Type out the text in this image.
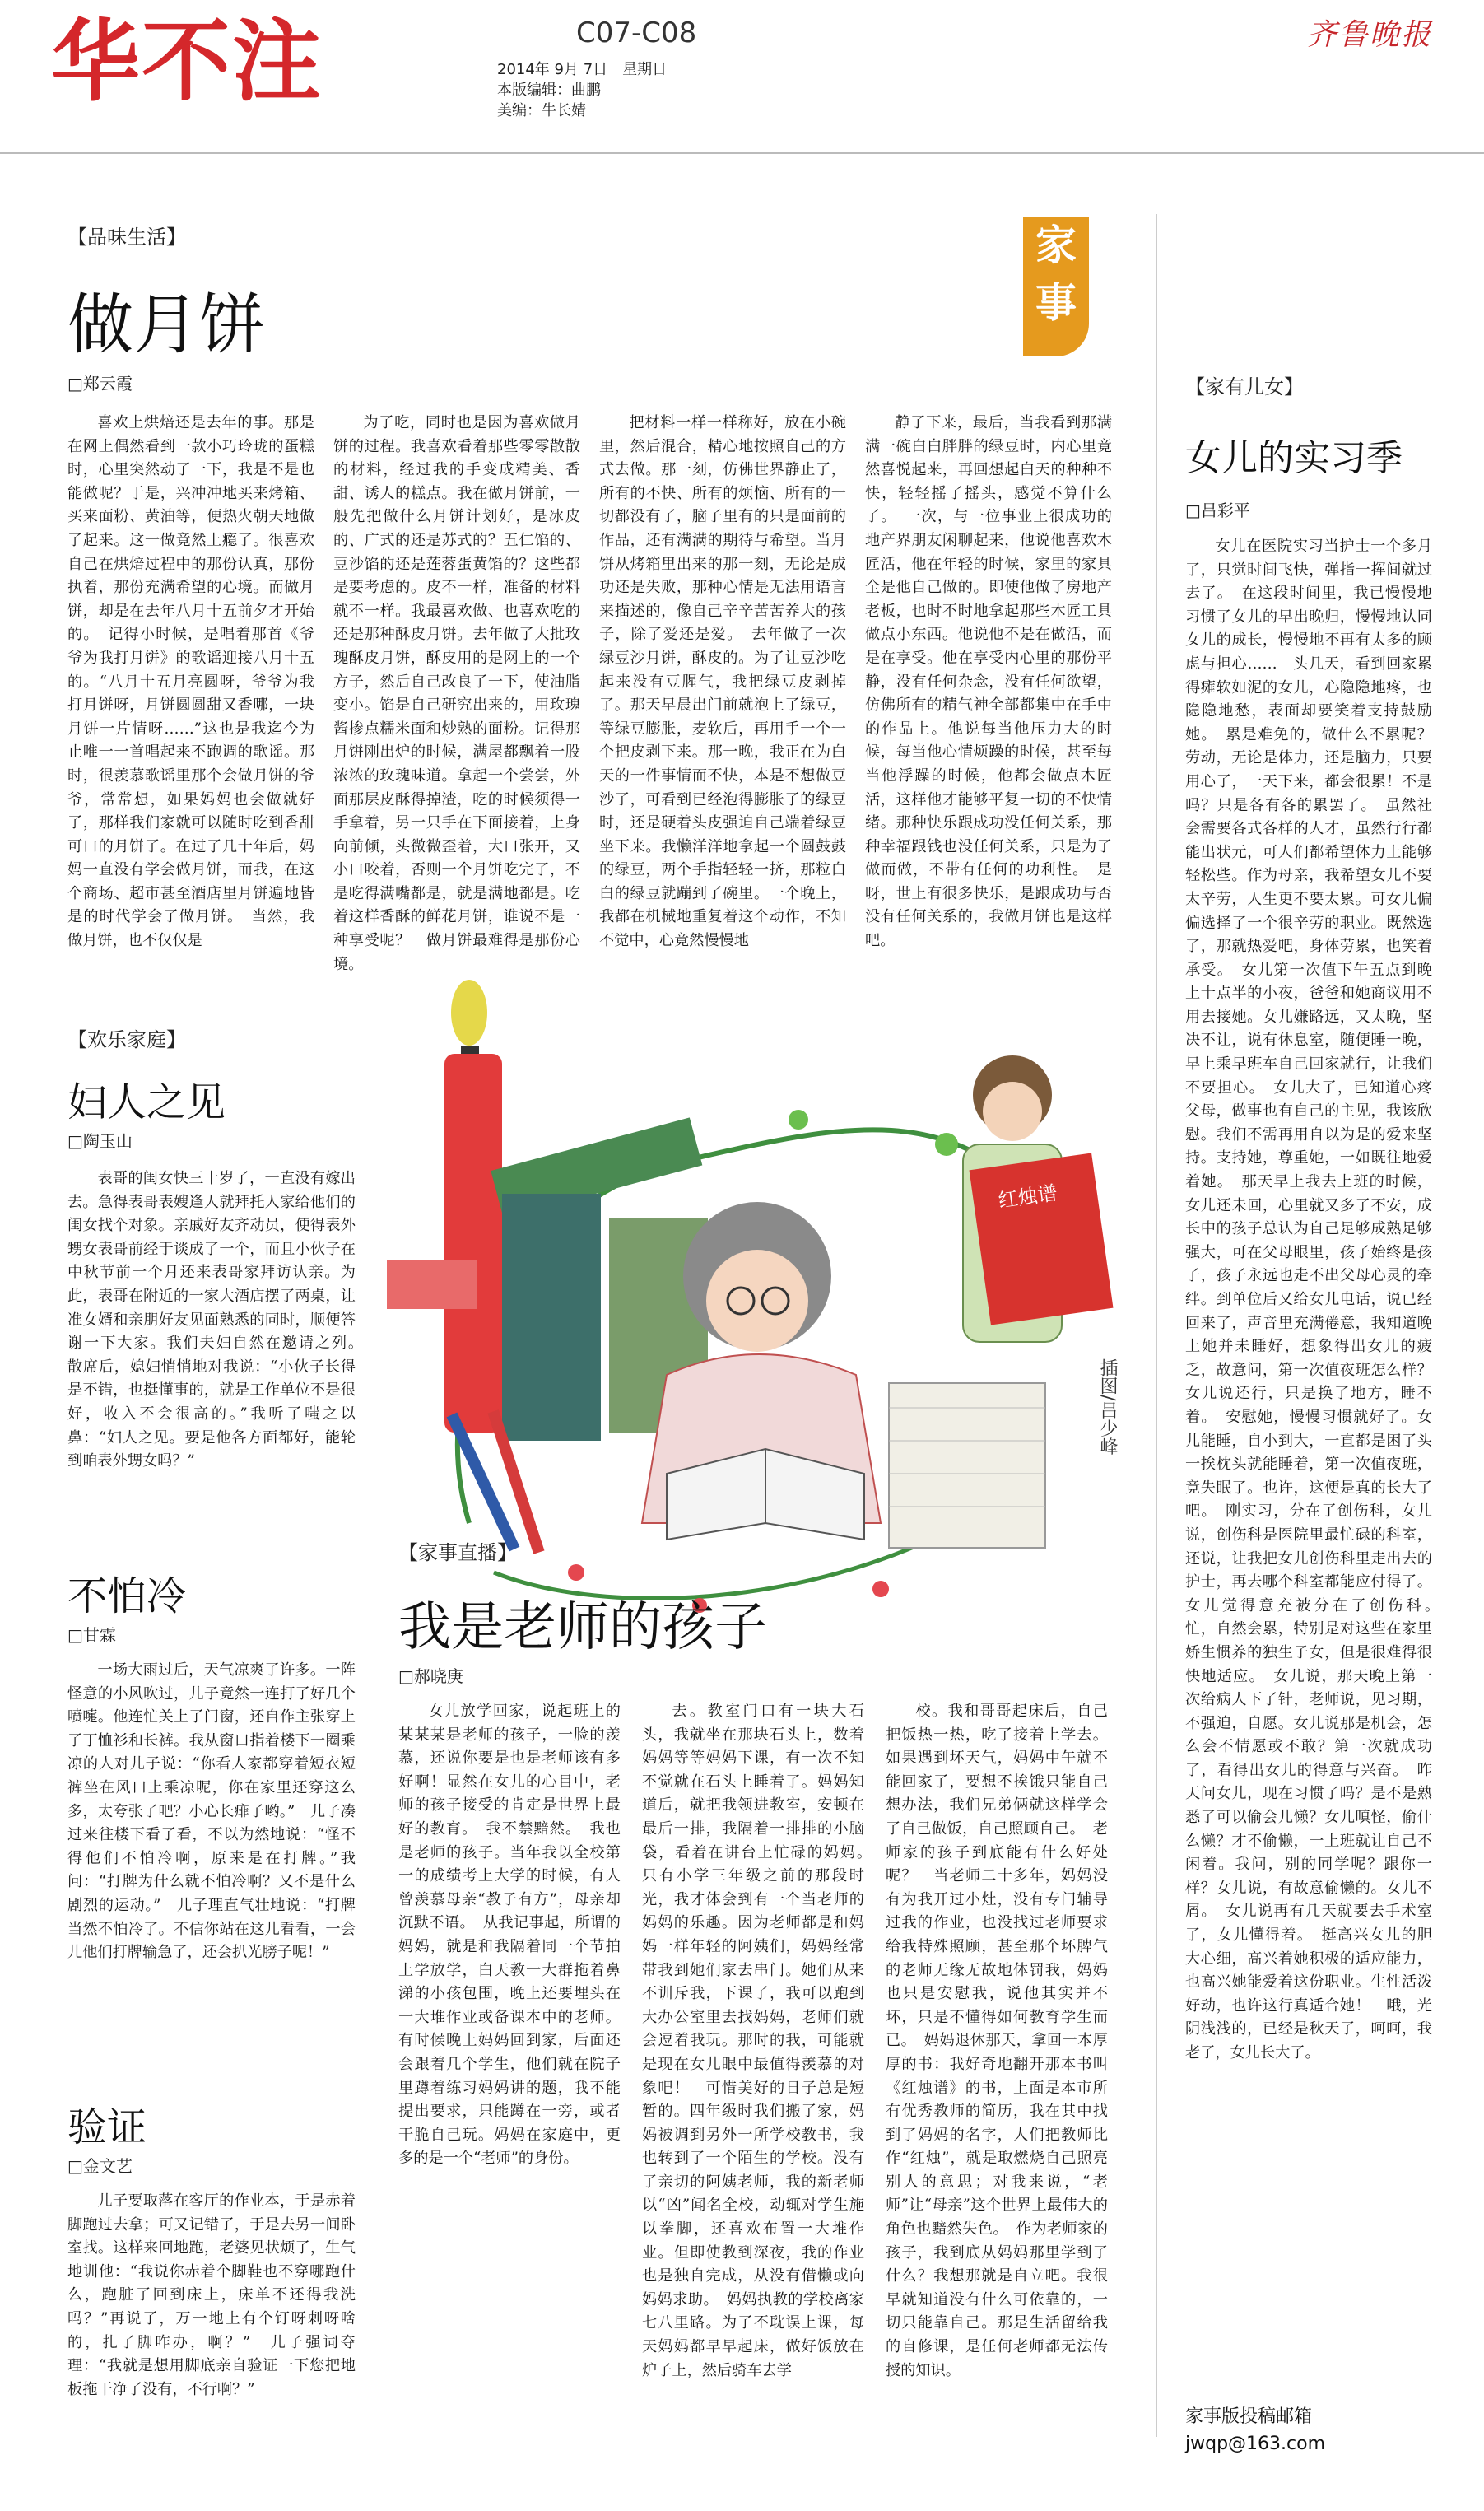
华不注	C07-C08
2014年 9月 7日　星期日
本版编辑：曲鹏
美编：牛长婧
齐鲁晚报
【品味生活】
做月饼
□郑云霞
喜欢上烘焙还是去年的事。那是在网上偶然看到一款小巧玲珑的蛋糕时，心里突然动了一下，我是不是也能做呢？于是，兴冲冲地买来烤箱、买来面粉、黄油等，便热火朝天地做了起来。这一做竟然上瘾了。很喜欢自己在烘焙过程中的那份认真，那份执着，那份充满希望的心境。而做月饼，却是在去年八月十五前夕才开始的。　记得小时候，是唱着那首《爷爷为我打月饼》的歌谣迎接八月十五的。“八月十五月亮圆呀，爷爷为我打月饼呀，月饼圆圆甜又香哪，一块月饼一片情呀……”这也是我迄今为止唯一一首唱起来不跑调的歌谣。那时，很羡慕歌谣里那个会做月饼的爷爷，常常想，如果妈妈也会做就好了，那样我们家就可以随时吃到香甜可口的月饼了。在过了几十年后，妈妈一直没有学会做月饼，而我，在这个商场、超市甚至酒店里月饼遍地皆是的时代学会了做月饼。　当然，我做月饼，也不仅仅是
为了吃，同时也是因为喜欢做月饼的过程。我喜欢看着那些零零散散的材料，经过我的手变成精美、香甜、诱人的糕点。我在做月饼前，一般先把做什么月饼计划好，是冰皮的、广式的还是苏式的？五仁馅的、豆沙馅的还是莲蓉蛋黄馅的？这些都是要考虑的。皮不一样，准备的材料就不一样。我最喜欢做、也喜欢吃的还是那种酥皮月饼。去年做了大批玫瑰酥皮月饼，酥皮用的是网上的一个方子，然后自己改良了一下，使油脂变小。馅是自己研究出来的，用玫瑰酱掺点糯米面和炒熟的面粉。记得那月饼刚出炉的时候，满屋都飘着一股浓浓的玫瑰味道。拿起一个尝尝，外面那层皮酥得掉渣，吃的时候须得一手拿着，另一只手在下面接着，上身向前倾，头微微歪着，大口张开，又小口咬着，否则一个月饼吃完了，不是吃得满嘴都是，就是满地都是。吃着这样香酥的鲜花月饼，谁说不是一种享受呢？　做月饼最难得是那份心境。
把材料一样一样称好，放在小碗里，然后混合，精心地按照自己的方式去做。那一刻，仿佛世界静止了，所有的不快、所有的烦恼、所有的一切都没有了，脑子里有的只是面前的作品，还有满满的期待与希望。当月饼从烤箱里出来的那一刻，无论是成功还是失败，那种心情是无法用语言来描述的，像自己辛辛苦苦养大的孩子，除了爱还是爱。　去年做了一次绿豆沙月饼，酥皮的。为了让豆沙吃起来没有豆腥气，我把绿豆皮剥掉了。那天早晨出门前就泡上了绿豆，等绿豆膨胀，麦软后，再用手一个一个把皮剥下来。那一晚，我正在为白天的一件事情而不快，本是不想做豆沙了，可看到已经泡得膨胀了的绿豆时，还是硬着头皮强迫自己端着绿豆坐下来。我懒洋洋地拿起一个圆鼓鼓的绿豆，两个手指轻轻一挤，那粒白白的绿豆就蹦到了碗里。一个晚上，我都在机械地重复着这个动作，不知不觉中，心竟然慢慢地
静了下来，最后，当我看到那满满一碗白白胖胖的绿豆时，内心里竟然喜悦起来，再回想起白天的种种不快，轻轻摇了摇头，感觉不算什么了。　一次，与一位事业上很成功的地产界朋友闲聊起来，他说他喜欢木匠活，他在年轻的时候，家里的家具全是他自己做的。即使他做了房地产老板，也时不时地拿起那些木匠工具做点小东西。他说他不是在做活，而是在享受。他在享受内心里的那份平静，没有任何杂念，没有任何欲望，仿佛所有的精气神全部都集中在手中的作品上。他说每当他压力大的时候，每当他心情烦躁的时候，甚至每当他浮躁的时候，他都会做点木匠活，这样他才能够平复一切的不快情绪。那种快乐跟成功没任何关系，那种幸福跟钱也没任何关系，只是为了做而做，不带有任何的功利性。　是呀，世上有很多快乐，是跟成功与否没有任何关系的，我做月饼也是这样吧。
家
事
红烛谱
插图/吕少峰
【欢乐家庭】
妇人之见
□陶玉山
表哥的闺女快三十岁了，一直没有嫁出去。急得表哥表嫂逢人就拜托人家给他们的闺女找个对象。亲戚好友齐动员，便得表外甥女表哥前经于谈成了一个，而且小伙子在中秋节前一个月还来表哥家拜访认亲。为此，表哥在附近的一家大酒店摆了两桌，让准女婿和亲朋好友见面熟悉的同时，顺便答谢一下大家。我们夫妇自然在邀请之列。　散席后，媳妇悄悄地对我说：“小伙子长得是不错，也挺懂事的，就是工作单位不是很好，收入不会很高的。”我听了嗤之以鼻：“妇人之见。要是他各方面都好，能轮到咱表外甥女吗？”
不怕冷
□甘霖
一场大雨过后，天气凉爽了许多。一阵怪意的小风吹过，儿子竟然一连打了好几个喷嚏。他连忙关上了门窗，还自作主张穿上了丁恤衫和长裤。我从窗口指着楼下一圈乘凉的人对儿子说：“你看人家都穿着短衣短裤坐在风口上乘凉呢，你在家里还穿这么多，太夸张了吧？小心长痱子哟。”　儿子凑过来往楼下看了看，不以为然地说：“怪不得他们不怕冷啊，原来是在打牌。”我问：“打牌为什么就不怕冷啊？又不是什么剧烈的运动。”　儿子理直气壮地说：“打牌当然不怕冷了。不信你站在这儿看看，一会儿他们打牌输急了，还会扒光膀子呢！”
验证
□金文艺
儿子要取落在客厅的作业本，于是赤着脚跑过去拿；可又记错了，于是去另一间卧室找。这样来回地跑，老婆见状烦了，生气地训他：“我说你赤着个脚鞋也不穿哪跑什么，跑脏了回到床上，床单不还得我洗吗？”再说了，万一地上有个钉呀剌呀啥的，扎了脚咋办，啊？”　儿子强词夺理：“我就是想用脚底亲自验证一下您把地板拖干净了没有，不行啊？”
【家事直播】
我是老师的孩子
□郝晓庚
女儿放学回家，说起班上的某某某是老师的孩子，一脸的羡慕，还说你要是也是老师该有多好啊！显然在女儿的心目中，老师的孩子接受的肯定是世界上最好的教育。　我不禁黯然。　我也是老师的孩子。当年我以全校第一的成绩考上大学的时候，有人曾羡慕母亲“教子有方”，母亲却沉默不语。　从我记事起，所谓的妈妈，就是和我隔着同一个节拍上学放学，白天教一大群拖着鼻涕的小孩包围，晚上还要埋头在一大堆作业或备课本中的老师。有时候晚上妈妈回到家，后面还会跟着几个学生，他们就在院子里蹲着练习妈妈讲的题，我不能提出要求，只能蹲在一旁，或者干脆自己玩。妈妈在家庭中，更多的是一个“老师”的身份。
去。教室门口有一块大石头，我就坐在那块石头上，数着妈妈等等妈妈下课，有一次不知不觉就在石头上睡着了。妈妈知道后，就把我领进教室，安顿在最后一排，我隔着一排排的小脑袋，看着在讲台上忙碌的妈妈。　只有小学三年级之前的那段时光，我才体会到有一个当老师的妈妈的乐趣。因为老师都是和妈妈一样年轻的阿姨们，妈妈经常带我到她们家去串门。她们从来不训斥我，下课了，我可以跑到大办公室里去找妈妈，老师们就会逗着我玩。那时的我，可能就是现在女儿眼中最值得羡慕的对象吧！　可惜美好的日子总是短暂的。四年级时我们搬了家，妈妈被调到另外一所学校教书，我也转到了一个陌生的学校。没有了亲切的阿姨老师，我的新老师以“凶”闻名全校，动辄对学生施以拳脚，还喜欢布置一大堆作业。但即使教到深夜，我的作业也是独自完成，从没有借懒或向妈妈求助。　妈妈执教的学校离家七八里路。为了不耽误上课，每天妈妈都早早起床，做好饭放在炉子上，然后骑车去学
校。我和哥哥起床后，自己把饭热一热，吃了接着上学去。如果遇到坏天气，妈妈中午就不能回家了，要想不挨饿只能自己想办法，我们兄弟俩就这样学会了自己做饭，自己照顾自己。　老师家的孩子到底能有什么好处呢？　当老师二十多年，妈妈没有为我开过小灶，没有专门辅导过我的作业，也没找过老师要求给我特殊照顾，甚至那个坏脾气的老师无缘无故地体罚我，妈妈也只是安慰我，说他其实并不坏，只是不懂得如何教育学生而已。　妈妈退休那天，拿回一本厚厚的书：我好奇地翻开那本书叫《红烛谱》的书，上面是本市所有优秀教师的简历，我在其中找到了妈妈的名字，人们把教师比作“红烛”，就是取燃烧自己照亮别人的意思；对我来说，“老师”让“母亲”这个世界上最伟大的角色也黯然失色。　作为老师家的孩子，我到底从妈妈那里学到了什么？我想那就是自立吧。我很早就知道没有什么可依靠的，一切只能靠自己。那是生活留给我的自修课，是任何老师都无法传授的知识。
【家有儿女】
女儿的实习季
□吕彩平
女儿在医院实习当护士一个多月了，只觉时间飞快，弹指一挥间就过去了。　在这段时间里，我已慢慢地习惯了女儿的早出晚归，慢慢地认同女儿的成长，慢慢地不再有太多的顾虑与担心……　头几天，看到回家累得瘫软如泥的女儿，心隐隐地疼，也隐隐地愁，表面却要笑着支持鼓励她。　累是难免的，做什么不累呢？劳动，无论是体力，还是脑力，只要用心了，一天下来，都会很累！不是吗？只是各有各的累罢了。　虽然社会需要各式各样的人才，虽然行行都能出状元，可人们都希望体力上能够轻松些。作为母亲，我希望女儿不要太辛劳，人生更不要太累。可女儿偏偏选择了一个很辛劳的职业。既然选了，那就热爱吧，身体劳累，也笑着承受。　女儿第一次值下午五点到晚上十点半的小夜，爸爸和她商议用不用去接她。女儿嫌路远，又太晚，坚决不让，说有休息室，随便睡一晚，早上乘早班车自己回家就行，让我们不要担心。　女儿大了，已知道心疼父母，做事也有自己的主见，我该欣慰。我们不需再用自以为是的爱来坚持。支持她，尊重她，一如既往地爱着她。　那天早上我去上班的时候，女儿还未回，心里就又多了不安，成长中的孩子总认为自己足够成熟足够强大，可在父母眼里，孩子始终是孩子，孩子永远也走不出父母心灵的牵绊。到单位后又给女儿电话，说已经回来了，声音里充满倦意，我知道晚上她并未睡好，想象得出女儿的疲乏，故意问，第一次值夜班怎么样？女儿说还行，只是换了地方，睡不着。　安慰她，慢慢习惯就好了。女儿能睡，自小到大，一直都是困了头一挨枕头就能睡着，第一次值夜班，竟失眠了。也许，这便是真的长大了吧。　刚实习，分在了创伤科，女儿说，创伤科是医院里最忙碌的科室，还说，让我把女儿创伤科里走出去的护士，再去哪个科室都能应付得了。女儿觉得意充被分在了创伤科。　忙，自然会累，特别是对这些在家里娇生惯养的独生子女，但是很难得很快地适应。　女儿说，那天晚上第一次给病人下了针，老师说，见习期，不强迫，自愿。女儿说那是机会，怎么会不情愿或不敢？第一次就成功了，看得出女儿的得意与兴奋。　昨天问女儿，现在习惯了吗？是不是熟悉了可以偷会儿懒？女儿嗔怪，偷什么懒？才不偷懒，一上班就让自己不闲着。我问，别的同学呢？跟你一样？女儿说，有故意偷懒的。女儿不屑。　女儿说再有几天就要去手术室了，女儿懂得着。　挺高兴女儿的胆大心细，高兴着她积极的适应能力，也高兴她能爱着这份职业。生性活泼好动，也许这行真适合她！　哦，光阴浅浅的，已经是秋天了，呵呵，我老了，女儿长大了。
家事版投稿邮箱
jwqp@163.com
